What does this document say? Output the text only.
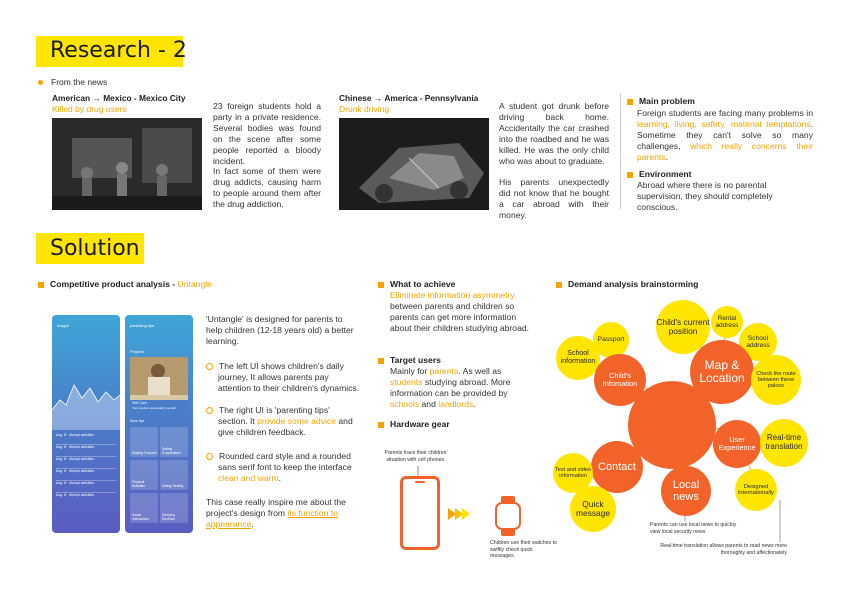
Research - 2
From the news
American → Mexico - Mexico City
Killed by drug users	23 foreign students hold a party in a private residence. Several bodies was found on the scene after some people reported a bloody incident.
In fact some of them were drug addicts, causing harm to people around them after the drug addiction.
Chinese → America - Pennsylvania
Drunk driving	A student got drunk before driving back home. Accidentally the car crashed into the roadbed and he was killed. He was the only child who was about to graduate.
His parents unexpectedly did not know that he bought a car abroad with their money.
Main problem
Foreign students are facing many problems in learning, living, safety, material temptations. Sometime they can't solve so many challenges, which really concerns their parents.
Environment
Abroad where there is no parental supervision, they should completely conscious.
Solution
Competitive product analysis - Untangle
Insight
Aug. 8 · disrupt activities
Aug. 8 · disrupt activities
Aug. 8 · disrupt activities
Aug. 8 · disrupt activities
Aug. 8 · disrupt activities
Aug. 8 · disrupt activities
parenting tips
Projects
Self-Care
Your positive personality yourself
More tips
Staying Focused
Setting Expectations
Physical Activities	Eating Healthy
Social Interactions
Sleeping Routines
'Untangle' is designed for parents to help children (12-18 years old) a better learning.
The left UI shows children's daily journey. It allows parents pay attention to their children's dynamics.
The right UI is 'parenting tips' section. It provide some advice and give children feedback.
Rounded card style and a rounded sans serif font to keep the interface clean and warm.
This case really inspire me about the project's design from its function to appearance.
What to achieve
Eliminate information asymmetry between parents and children so parents can get more information about their children studying abroad.
Target users
Mainly for parents. As well as students studying abroad. More information can be provided by schools and landlords.
Hardware gear
Parents trace their children' situation with cell phones.
Children use their watches to swiftly check quick messages.
Demand analysis brainstorming
School information
Passport
Child's Infomation
Child's current position
Rental address
School address
Map & Location	Check the route between these palces
User Experience
Real-time translation
Designed internationally
Local news
Contact
Text and video information
Quick message
Parents can use local news to quickly view local security news
Real-time translation allows parents to read news more thoroughly and affectionately
